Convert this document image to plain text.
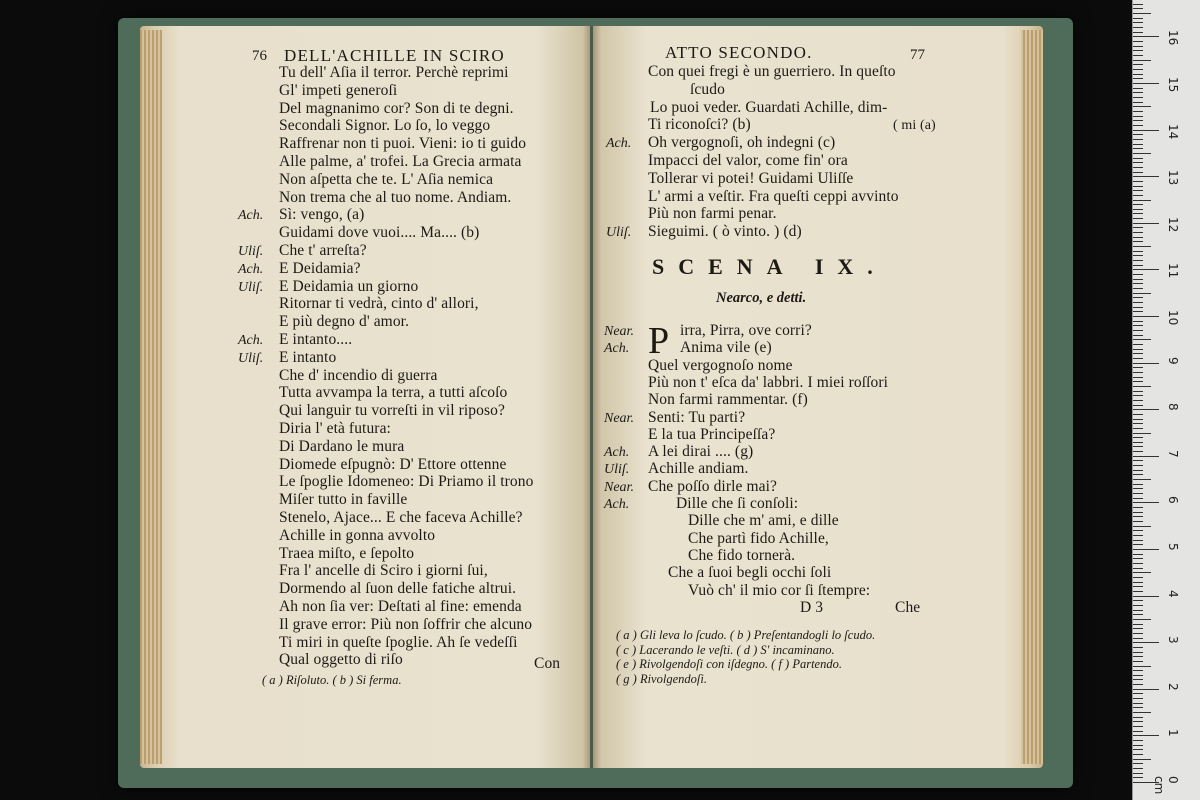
76 DELL'ACHILLE IN SCIRO
Tu dell' Aſia il terror. Perchè reprimi
Gl' impeti generoſi
Del magnanimo cor? Son di te degni.
Secondali Signor. Lo ſo, lo veggo
Raffrenar non ti puoi. Vieni: io ti guido
Alle palme, a' trofei. La Grecia armata
Non aſpetta che te. L' Aſia nemica
Non trema che al tuo nome. Andiam.
Ach. Sì: vengo, (a)
Guidami dove vuoi.... Ma.... (b)
Uliſ. Che t' arreſta?
Ach. E Deidamia?
Uliſ. E Deidamia un giorno
Ritornar ti vedrà, cinto d' allori,
E più degno d' amor.
Ach. E intanto....
Uliſ. E intanto
Che d' incendio di guerra
Tutta avvampa la terra, a tutti aſcoſo
Qui languir tu vorreſti in vil riposo?
Diria l' età futura:
Di Dardano le mura
Diomede eſpugnò: D' Ettore ottenne
Le ſpoglie Idomeneo: Di Priamo il trono
Miſer tutto in faville
Stenelo, Ajace... E che faceva Achille?
Achille in gonna avvolto
Traea miſto, e ſepolto
Fra l' ancelle di Sciro i giorni ſui,
Dormendo al ſuon delle fatiche altrui.
Ah non ſia ver: Deſtati al fine: emenda
Il grave error: Più non ſoffrir che alcuno
Ti miri in queſte ſpoglie. Ah ſe vedeſſi
Qual oggetto di riſo	Con
( a ) Riſoluto. ( b ) Si ferma.
ATTO SECONDO.	77
Con quei fregi è un guerriero. In queſto
ſcudo
Lo puoi veder. Guardati Achille, dim-
Ti riconoſci? (b)
Ach. Oh vergognoſi, oh indegni (c)
Impacci del valor, come fin' ora
Tollerar vi potei! Guidami Uliſſe
L' armi a veſtir. Fra queſti ceppi avvinto
Più non farmi penar.
Uliſ. Sieguimi. ( ò vinto. ) (d)
( mi (a)
SCENA IX.
Nearco, e detti.
P
Near.	irra, Pirra, ove corri?
Ach.	Anima vile (e)
Quel vergognoſo nome
Più non t' eſca da' labbri. I miei roſſori
Non farmi rammentar. (f)
Near. Senti: Tu parti?
E la tua Principeſſa?
Ach. A lei dirai .... (g)
Uliſ. Achille andiam.
Near. Che poſſo dirle mai?
Ach.	Dille che ſi conſoli:
Dille che m' ami, e dille
Che partì fido Achille,
Che fido tornerà.
Che a ſuoi begli occhi ſoli
Vuò ch' il mio cor ſi ſtempre:
D 3	Che
( a ) Gli leva lo ſcudo. ( b ) Preſentandogli lo ſcudo.
( c ) Lacerando le veſti. ( d ) S' incaminano.
( e ) Rivolgendoſi con iſdegno. ( f ) Partendo.
( g ) Rivolgendoſi.
0 cm
1
2
3
4
5
6
7
8
9
10
11
12
13
14
15
16
